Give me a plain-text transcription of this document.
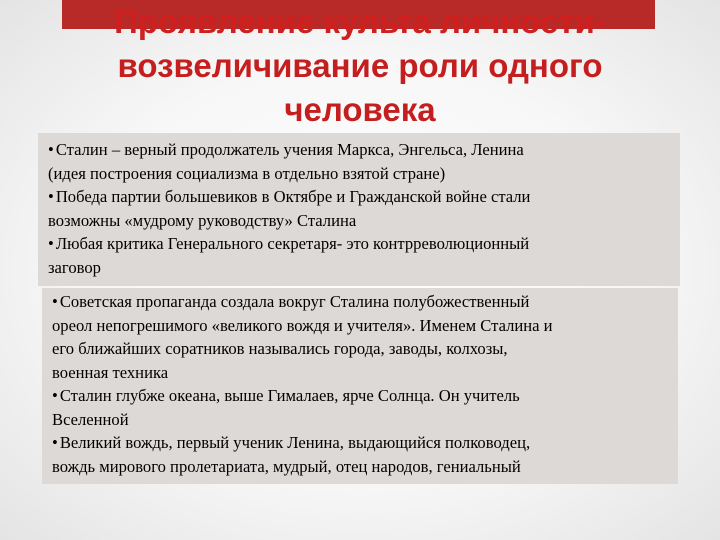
Проявление культа личности-
возвеличивание роли одного
человека
• Сталин – верный продолжатель учения Маркса, Энгельса, Ленина
(идея построения социализма в отдельно взятой стране)
• Победа партии большевиков в Октябре и Гражданской войне стали
возможны «мудрому руководству» Сталина
• Любая критика Генерального секретаря- это контрреволюционный
заговор
• Советская пропаганда создала вокруг Сталина полубожественный
ореол непогрешимого «великого вождя и учителя». Именем Сталина и
его ближайших соратников назывались города, заводы, колхозы,
военная техника
• Сталин глубже океана, выше Гималаев, ярче Солнца. Он учитель
Вселенной
• Великий вождь, первый ученик Ленина, выдающийся полководец,
вождь мирового пролетариата, мудрый, отец народов, гениальный
